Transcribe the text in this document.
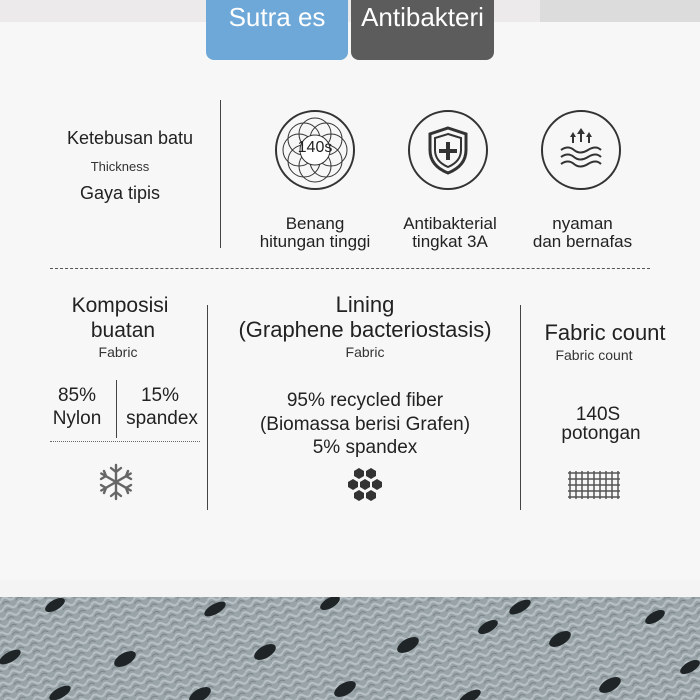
Sutra es	Antibakteri
Ketebusan batu
Thickness
Gaya tipis
140s
Benang
hitungan tinggi
Antibakterial
tingkat 3A
nyaman
dan bernafas
Komposisi
buatan
Fabric
85%
Nylon
15%
spandex
Lining
(Graphene bacteriostasis)
Fabric
95% recycled fiber
(Biomassa berisi Grafen)
5% spandex
Fabric count
Fabric count
140S
potongan
